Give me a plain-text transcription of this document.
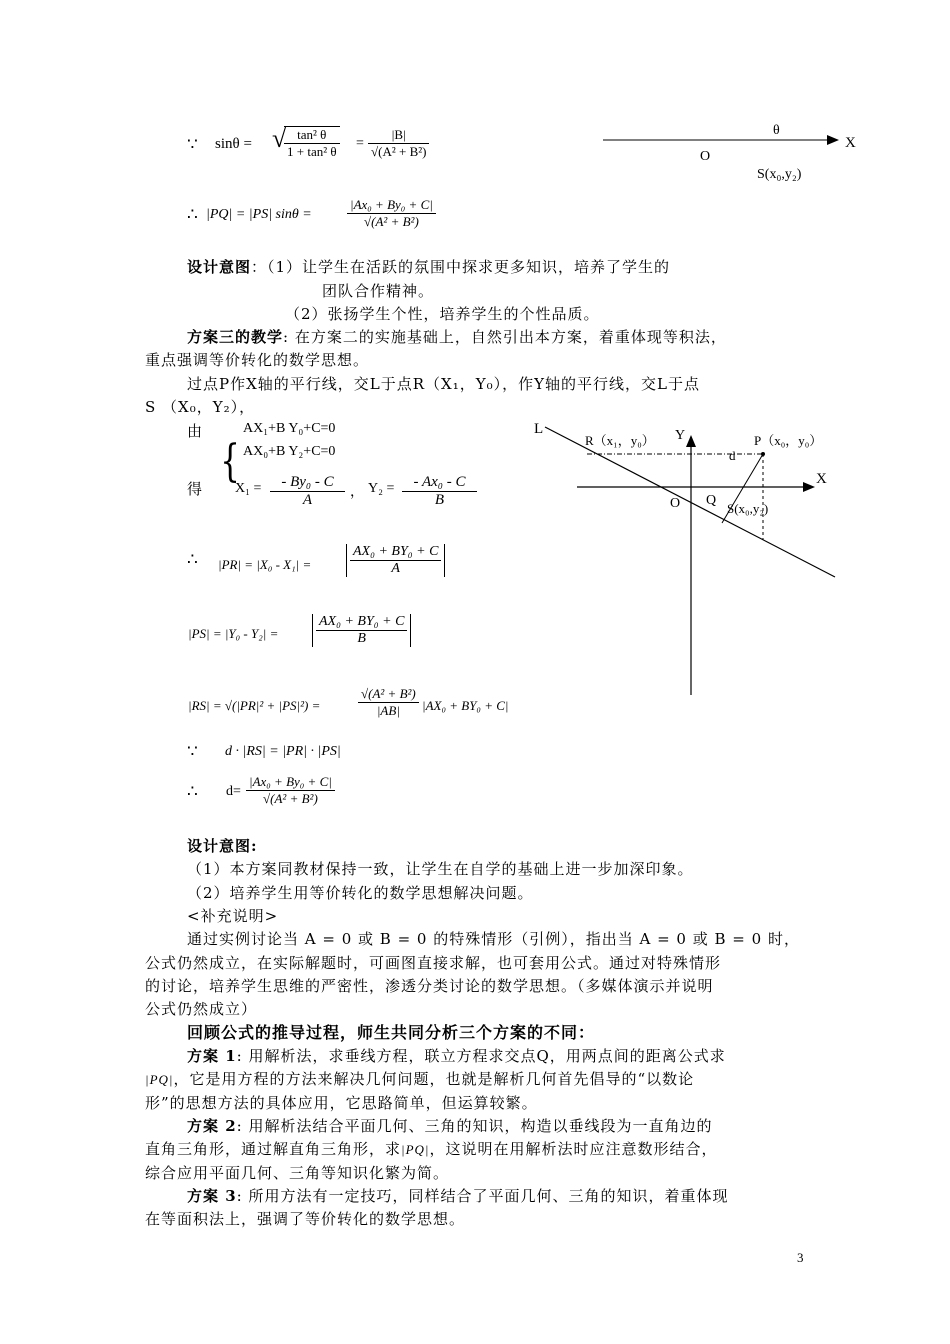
∵ sinθ = √
$\frac{\text{tan² θ}}{\text{1 + tan² θ}} = \frac{|B|}{\text{√(A² + B²)}}$
∴ |PQ| = |PS| sinθ =	$\frac{\text{|Ax₀ + By₀ + C|}}{\text{√(A² + B²)}}$
θ
X
O
S(x₀,y₂)
设计意图：（1）让学生在活跃的氛围中探求更多知识，培养了学生的
团队合作精神。
（2）张扬学生个性，培养学生的个性品质。
方案三的教学: 在方案二的实施基础上，自然引出本方案，着重体现等积法，
重点强调等价转化的数学思想。
过点P作X轴的平行线，交L于点R（X₁，Y₀），作Y轴的平行线，交L于点
S （X₀，Y₂），
由	AX₁+B Y₀+C=0
{ AX₀+B Y₂+C=0
得 $X_1 = \frac{\text{- By₀ - C}}{A}$ ， $Y_2 = \frac{\text{- Ax₀ - C}}{B}$
∴ $|PR| = |X_0 - X_1| = \frac{\text{AX₀ + BY₀ + C}}{A}$
$|PS| = |Y_0 - Y_2| = \frac{\text{AX₀ + BY₀ + C}}{B}$
|RS| = √(|PR|² + |PS|²) =	$\frac{\text{√(A² + B²)}}{|AB|} |AX_0 + BY_0 + C|$
∵ d · |RS| = |PR| · |PS|
∴ $d= \frac{\text{|Ax₀ + By₀ + C|}}{\text{√(A² + B²)}}$
L	Y
X
R（x₁，y₀）	P（x₀，y₀）
d
O Q
S(x₀,y₂)
设计意图:
（1）本方案同教材保持一致，让学生在自学的基础上进一步加深印象。
（2）培养学生用等价转化的数学思想解决问题。
<补充说明>
通过实例讨论当 A = 0 或 B = 0 的特殊情形（引例），指出当 A = 0 或 B = 0 时，
公式仍然成立，在实际解题时，可画图直接求解，也可套用公式。通过对特殊情形
的讨论，培养学生思维的严密性，渗透分类讨论的数学思想。（多媒体演示并说明
公式仍然成立）
回顾公式的推导过程，师生共同分析三个方案的不同：
方案 1: 用解析法，求垂线方程，联立方程求交点Q，用两点间的距离公式求
|PQ|，它是用方程的方法来解决几何问题，也就是解析几何首先倡导的“以数论
形”的思想方法的具体应用，它思路简单，但运算较繁。
方案 2: 用解析法结合平面几何、三角的知识，构造以垂线段为一直角边的
直角三角形，通过解直角三角形，求|PQ|，这说明在用解析法时应注意数形结合，
综合应用平面几何、三角等知识化繁为简。
方案 3: 所用方法有一定技巧，同样结合了平面几何、三角的知识，着重体现
在等面积法上，强调了等价转化的数学思想。
3
